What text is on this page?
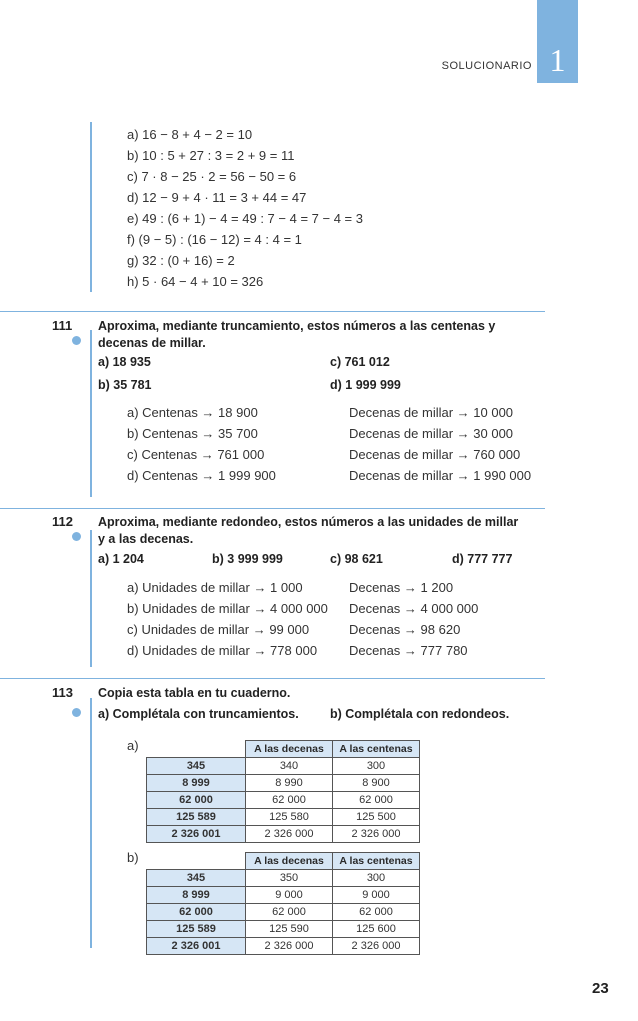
SOLUCIONARIO 1
a) 16 − 8 + 4 − 2 = 10
b) 10 : 5 + 27 : 3 = 2 + 9 = 11
c) 7 · 8 − 25 · 2 = 56 − 50 = 6
d) 12 − 9 + 4 · 11 = 3 + 44 = 47
e) 49 : (6 + 1) − 4 = 49 : 7 − 4 = 7 − 4 = 3
f) (9 − 5) : (16 − 12) = 4 : 4 = 1
g) 32 : (0 + 16) = 2
h) 5 · 64 − 4 + 10 = 326
111 Aproxima, mediante truncamiento, estos números a las centenas y decenas de millar.
a) 18 935	c) 761 012
b) 35 781	d) 1 999 999
a) Centenas → 18 900	Decenas de millar → 10 000
b) Centenas → 35 700	Decenas de millar → 30 000
c) Centenas → 761 000	Decenas de millar → 760 000
d) Centenas → 1 999 900	Decenas de millar → 1 990 000
112 Aproxima, mediante redondeo, estos números a las unidades de millar y a las decenas.
a) 1 204	b) 3 999 999	c) 98 621	d) 777 777
a) Unidades de millar → 1 000	Decenas → 1 200
b) Unidades de millar → 4 000 000 Decenas → 4 000 000
c) Unidades de millar → 99 000	Decenas → 98 620
d) Unidades de millar → 778 000 Decenas → 777 780
113 Copia esta tabla en tu cuaderno.
a) Complétala con truncamientos.	b) Complétala con redondeos.
a)
		A las decenas	A las centenas
345	340	300
8 999	8 990	8 900
62 000	62 000	62 000
125 589	125 580	125 500
2 326 001	2 326 000	2 326 000
b)
		A las decenas	A las centenas
345	350	300
8 999	9 000	9 000
62 000	62 000	62 000
125 589	125 590	125 600
2 326 001	2 326 000	2 326 000
23
